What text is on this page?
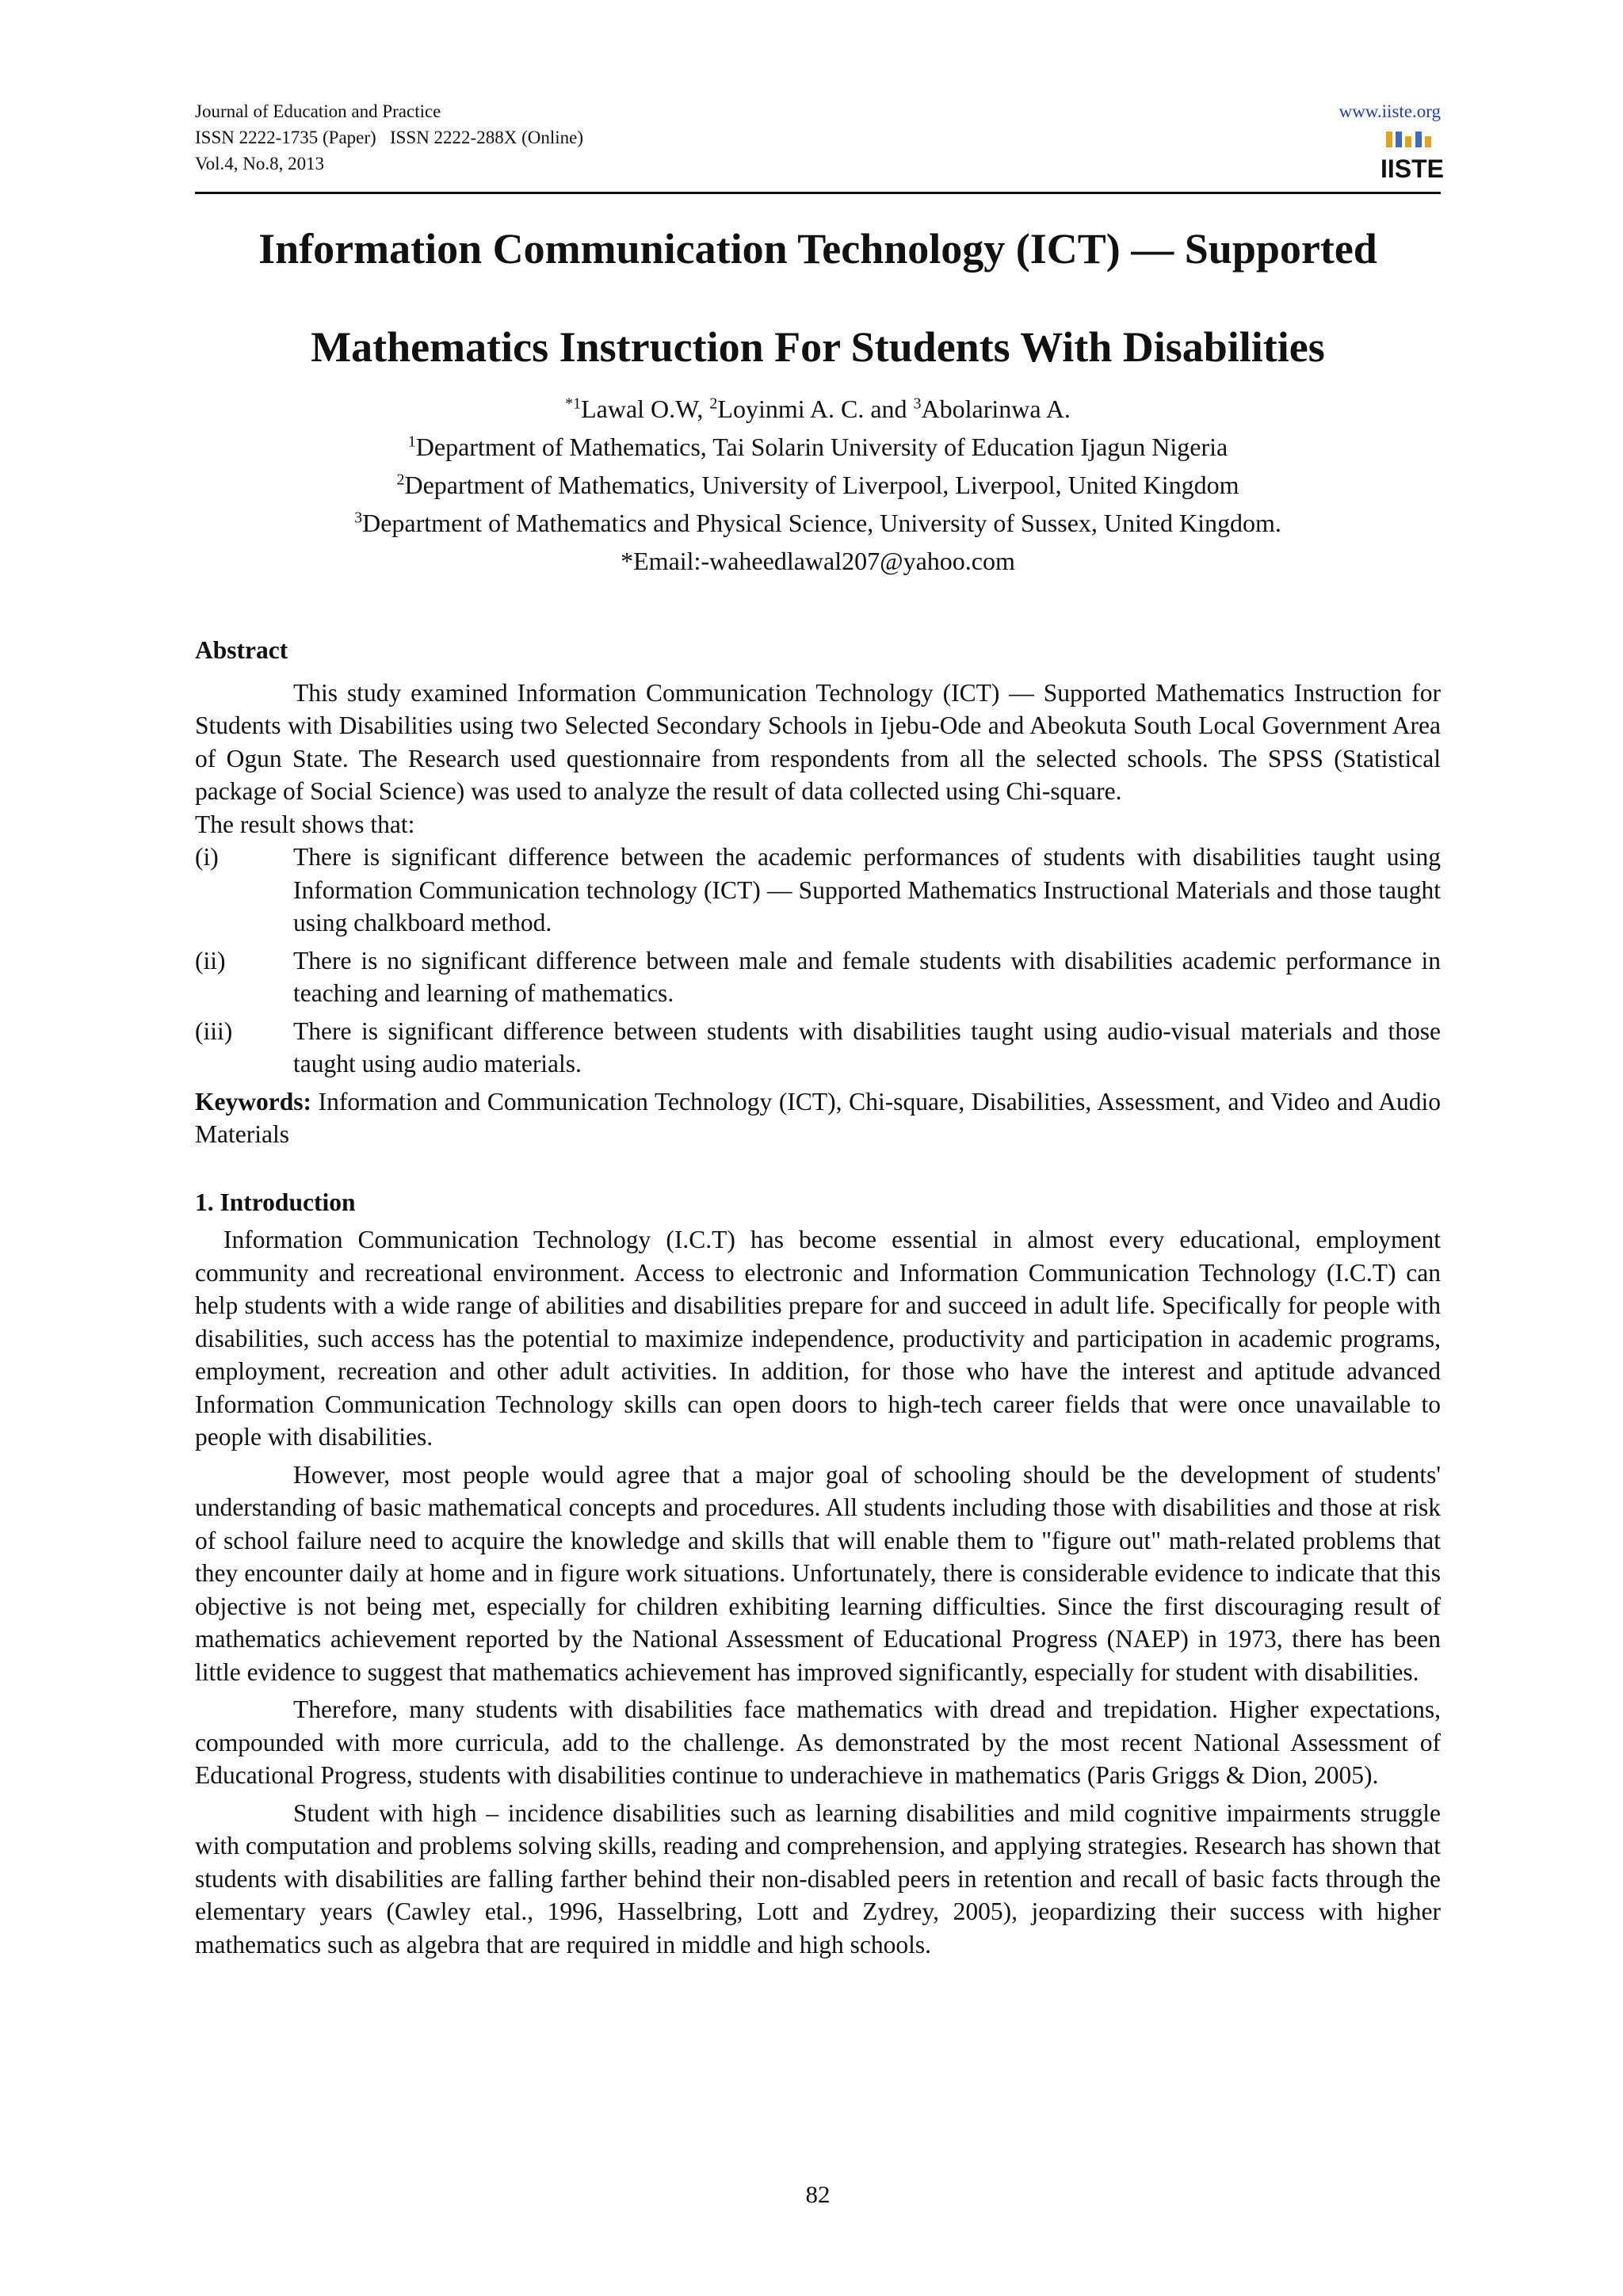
Journal of Education and Practice
ISSN 2222-1735 (Paper)   ISSN 2222-288X (Online)
Vol.4, No.8, 2013
www.iiste.org
IISTE
Information Communication Technology (ICT) — Supported
Mathematics Instruction For Students With Disabilities
$^{*1}$Lawal O.W, $^2$Loyinmi A. C. and $^3$Abolarinwa A.
$^1$Department of Mathematics, Tai Solarin University of Education Ijagun Nigeria
$^2$Department of Mathematics, University of Liverpool, Liverpool, United Kingdom
$^3$Department of Mathematics and Physical Science, University of Sussex, United Kingdom.
*Email:-waheedlawal207@yahoo.com
Abstract
This study examined Information Communication Technology (ICT) — Supported Mathematics Instruction for Students with Disabilities using two Selected Secondary Schools in Ijebu-Ode and Abeokuta South Local Government Area of Ogun State. The Research used questionnaire from respondents from all the selected schools. The SPSS (Statistical package of Social Science) was used to analyze the result of data collected using Chi-square.
The result shows that:
(i)	There is significant difference between the academic performances of students with disabilities taught using Information Communication technology (ICT) — Supported Mathematics Instructional Materials and those taught using chalkboard method.
(ii)	There is no significant difference between male and female students with disabilities academic performance in teaching and learning of mathematics.
(iii)	There is significant difference between students with disabilities taught using audio-visual materials and those taught using audio materials.
Keywords: Information and Communication Technology (ICT), Chi-square, Disabilities, Assessment, and Video and Audio Materials
1. Introduction
Information Communication Technology (I.C.T) has become essential in almost every educational, employment community and recreational environment. Access to electronic and Information Communication Technology (I.C.T) can help students with a wide range of abilities and disabilities prepare for and succeed in adult life. Specifically for people with disabilities, such access has the potential to maximize independence, productivity and participation in academic programs, employment, recreation and other adult activities. In addition, for those who have the interest and aptitude advanced Information Communication Technology skills can open doors to high-tech career fields that were once unavailable to people with disabilities.
However, most people would agree that a major goal of schooling should be the development of students' understanding of basic mathematical concepts and procedures. All students including those with disabilities and those at risk of school failure need to acquire the knowledge and skills that will enable them to "figure out" math-related problems that they encounter daily at home and in figure work situations. Unfortunately, there is considerable evidence to indicate that this objective is not being met, especially for children exhibiting learning difficulties. Since the first discouraging result of mathematics achievement reported by the National Assessment of Educational Progress (NAEP) in 1973, there has been little evidence to suggest that mathematics achievement has improved significantly, especially for student with disabilities.
Therefore, many students with disabilities face mathematics with dread and trepidation. Higher expectations, compounded with more curricula, add to the challenge. As demonstrated by the most recent National Assessment of Educational Progress, students with disabilities continue to underachieve in mathematics (Paris Griggs & Dion, 2005).
Student with high – incidence disabilities such as learning disabilities and mild cognitive impairments struggle with computation and problems solving skills, reading and comprehension, and applying strategies. Research has shown that students with disabilities are falling farther behind their non-disabled peers in retention and recall of basic facts through the elementary years (Cawley etal., 1996, Hasselbring, Lott and Zydrey, 2005), jeopardizing their success with higher mathematics such as algebra that are required in middle and high schools.
82
